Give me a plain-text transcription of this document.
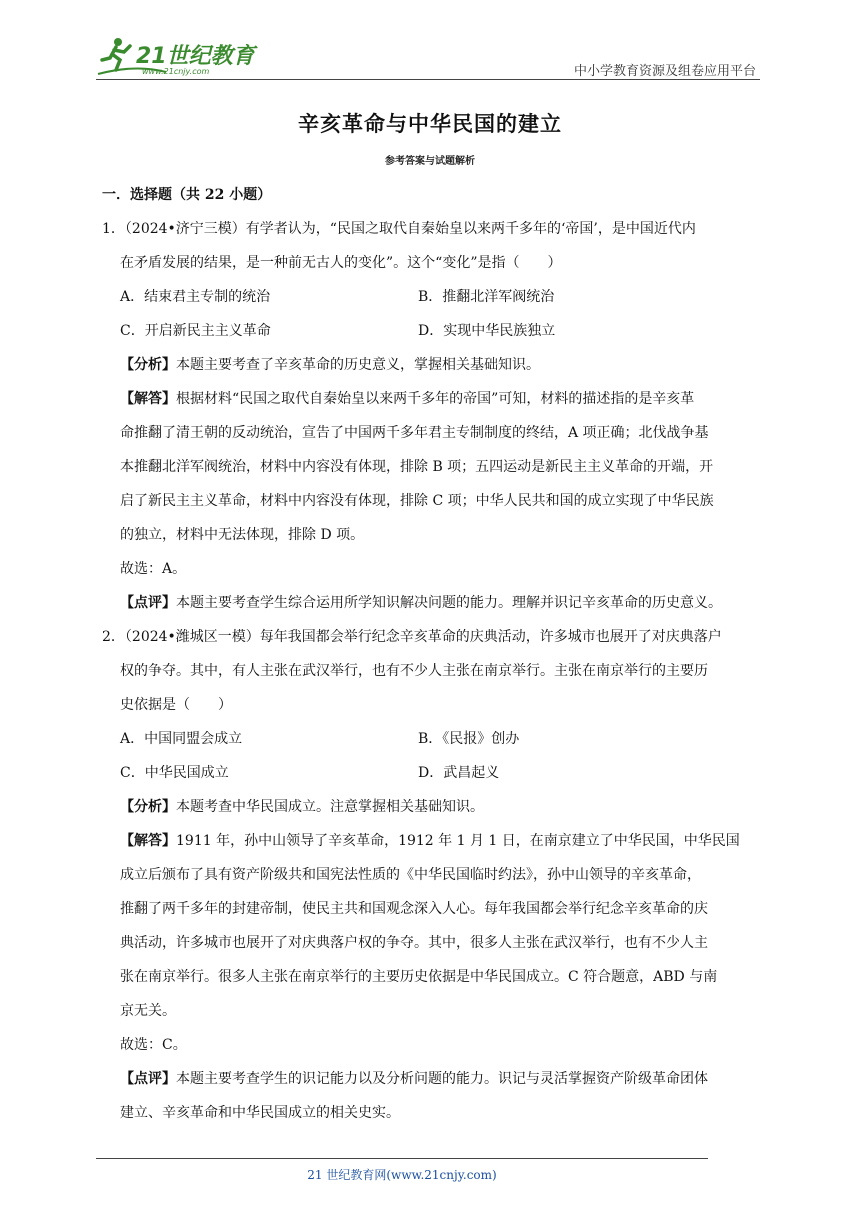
21世纪教育
www.21cnjy.com	中小学教育资源及组卷应用平台
辛亥革命与中华民国的建立
参考答案与试题解析
一．选择题（共 22 小题）
1．（2024•济宁三模）有学者认为，“民国之取代自秦始皇以来两千多年的‘帝国’，是中国近代内
在矛盾发展的结果，是一种前无古人的变化”。这个“变化”是指（　　）
A．结束君主专制的统治	B．推翻北洋军阀统治
C．开启新民主主义革命	D．实现中华民族独立
【分析】本题主要考查了辛亥革命的历史意义，掌握相关基础知识。
【解答】根据材料“民国之取代自秦始皇以来两千多年的帝国”可知，材料的描述指的是辛亥革
命推翻了清王朝的反动统治，宣告了中国两千多年君主专制制度的终结，A 项正确；北伐战争基
本推翻北洋军阀统治，材料中内容没有体现，排除 B 项；五四运动是新民主主义革命的开端，开
启了新民主主义革命，材料中内容没有体现，排除 C 项；中华人民共和国的成立实现了中华民族
的独立，材料中无法体现，排除 D 项。
故选：A。
【点评】本题主要考查学生综合运用所学知识解决问题的能力。理解并识记辛亥革命的历史意义。
2．（2024•潍城区一模）每年我国都会举行纪念辛亥革命的庆典活动，许多城市也展开了对庆典落户
权的争夺。其中，有人主张在武汉举行，也有不少人主张在南京举行。主张在南京举行的主要历
史依据是（　　）
A．中国同盟会成立	B．《民报》创办
C．中华民国成立	D．武昌起义
【分析】本题考查中华民国成立。注意掌握相关基础知识。
【解答】1911 年，孙中山领导了辛亥革命，1912 年 1 月 1 日，在南京建立了中华民国，中华民国
成立后颁布了具有资产阶级共和国宪法性质的《中华民国临时约法》，孙中山领导的辛亥革命，
推翻了两千多年的封建帝制，使民主共和国观念深入人心。每年我国都会举行纪念辛亥革命的庆
典活动，许多城市也展开了对庆典落户权的争夺。其中，很多人主张在武汉举行，也有不少人主
张在南京举行。很多人主张在南京举行的主要历史依据是中华民国成立。C 符合题意，ABD 与南
京无关。
故选：C。
【点评】本题主要考查学生的识记能力以及分析问题的能力。识记与灵活掌握资产阶级革命团体
建立、辛亥革命和中华民国成立的相关史实。
21 世纪教育网(www.21cnjy.com)
